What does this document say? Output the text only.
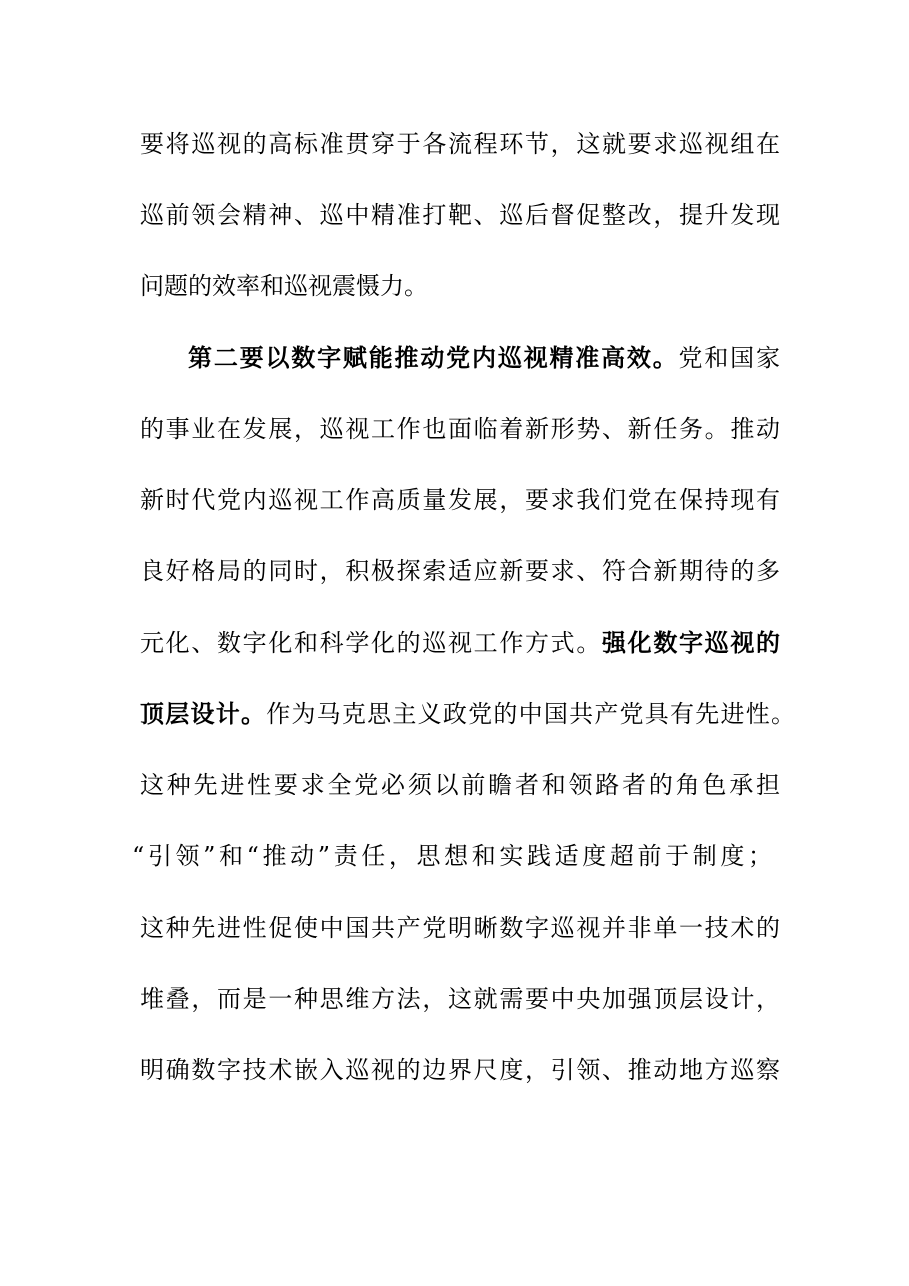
要将巡视的高标准贯穿于各流程环节，这就要求巡视组在
巡前领会精神、巡中精准打靶、巡后督促整改，提升发现
问题的效率和巡视震慑力。
第二要以数字赋能推动党内巡视精准高效。党和国家
的事业在发展，巡视工作也面临着新形势、新任务。推动
新时代党内巡视工作高质量发展，要求我们党在保持现有
良好格局的同时，积极探索适应新要求、符合新期待的多
元化、数字化和科学化的巡视工作方式。强化数字巡视的
顶层设计。作为马克思主义政党的中国共产党具有先进性。
这种先进性要求全党必须以前瞻者和领路者的角色承担
“引领”和“推动”责任，思想和实践适度超前于制度；
这种先进性促使中国共产党明晰数字巡视并非单一技术的
堆叠，而是一种思维方法，这就需要中央加强顶层设计，
明确数字技术嵌入巡视的边界尺度，引领、推动地方巡察
